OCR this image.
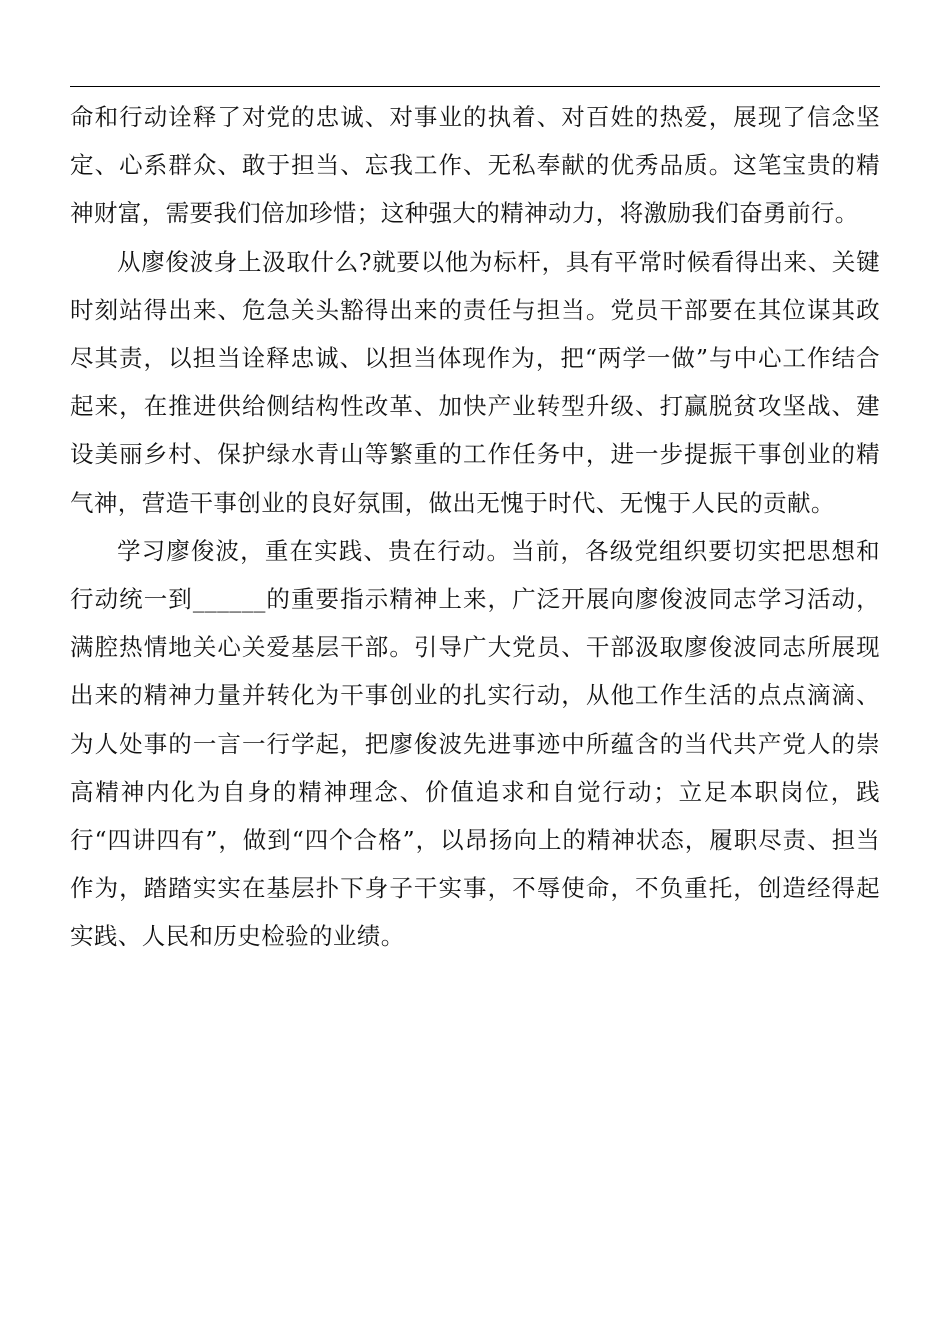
命和行动诠释了对党的忠诚、对事业的执着、对百姓的热爱，展现了信念坚定、心系群众、敢于担当、忘我工作、无私奉献的优秀品质。这笔宝贵的精神财富，需要我们倍加珍惜；这种强大的精神动力，将激励我们奋勇前行。

从廖俊波身上汲取什么?就要以他为标杆，具有平常时候看得出来、关键时刻站得出来、危急关头豁得出来的责任与担当。党员干部要在其位谋其政尽其责，以担当诠释忠诚、以担当体现作为，把“两学一做”与中心工作结合起来，在推进供给侧结构性改革、加快产业转型升级、打赢脱贫攻坚战、建设美丽乡村、保护绿水青山等繁重的工作任务中，进一步提振干事创业的精气神，营造干事创业的良好氛围，做出无愧于时代、无愧于人民的贡献。

学习廖俊波，重在实践、贵在行动。当前，各级党组织要切实把思想和行动统一到______的重要指示精神上来，广泛开展向廖俊波同志学习活动，满腔热情地关心关爱基层干部。引导广大党员、干部汲取廖俊波同志所展现出来的精神力量并转化为干事创业的扎实行动，从他工作生活的点点滴滴、为人处事的一言一行学起，把廖俊波先进事迹中所蕴含的当代共产党人的崇高精神内化为自身的精神理念、价值追求和自觉行动；立足本职岗位，践行“四讲四有”，做到“四个合格”，以昂扬向上的精神状态，履职尽责、担当作为，踏踏实实在基层扑下身子干实事，不辱使命，不负重托，创造经得起实践、人民和历史检验的业绩。
